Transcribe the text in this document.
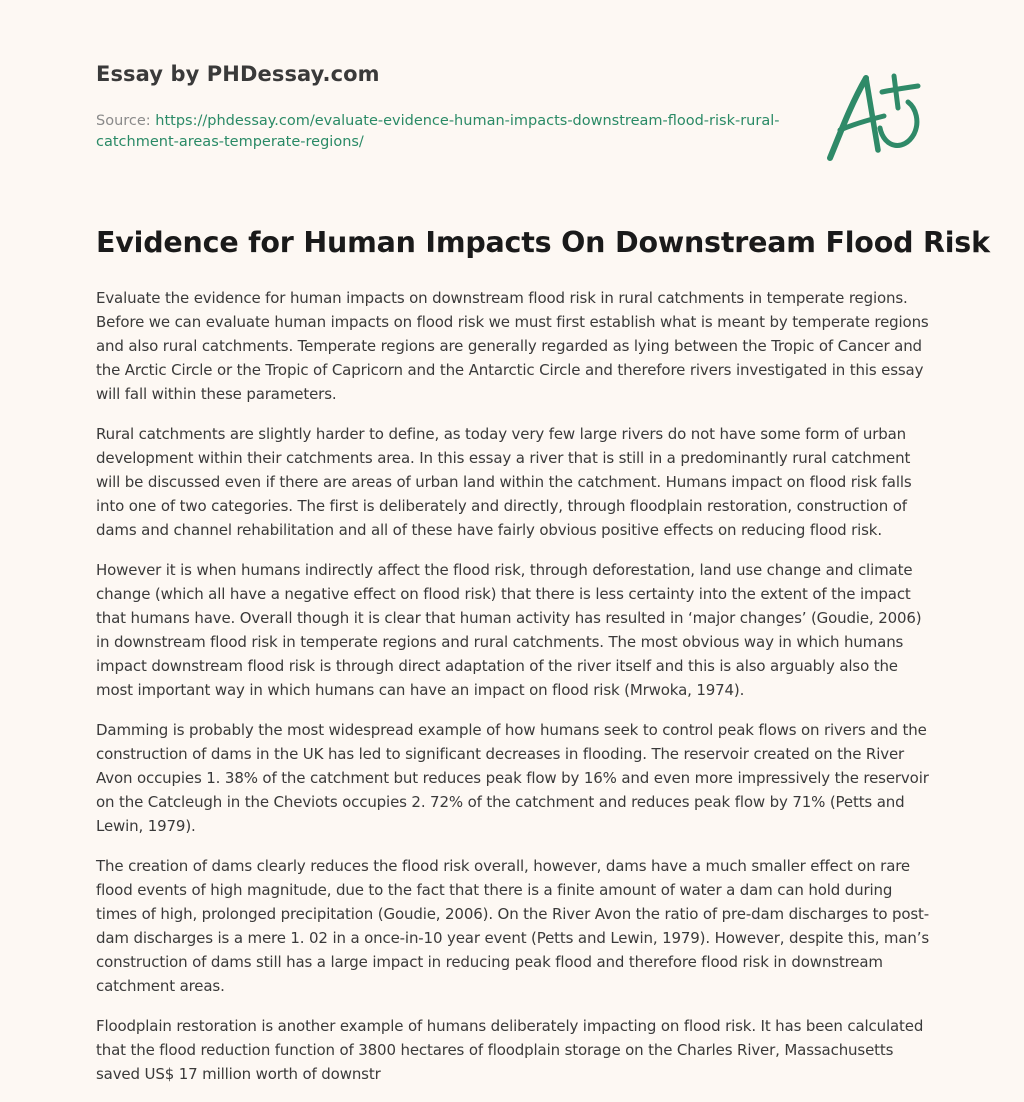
Essay by PHDessay.com
Source: https://phdessay.com/evaluate-evidence-human-impacts-downstream-flood-risk-rural-catchment-areas-temperate-regions/
Evidence for Human Impacts On Downstream Flood Risk

Evaluate the evidence for human impacts on downstream flood risk in rural catchments in temperate regions. Before we can evaluate human impacts on flood risk we must first establish what is meant by temperate regions and also rural catchments. Temperate regions are generally regarded as lying between the Tropic of Cancer and the Arctic Circle or the Tropic of Capricorn and the Antarctic Circle and therefore rivers investigated in this essay will fall within these parameters.

Rural catchments are slightly harder to define, as today very few large rivers do not have some form of urban development within their catchments area. In this essay a river that is still in a predominantly rural catchment will be discussed even if there are areas of urban land within the catchment. Humans impact on flood risk falls into one of two categories. The first is deliberately and directly, through floodplain restoration, construction of dams and channel rehabilitation and all of these have fairly obvious positive effects on reducing flood risk.

However it is when humans indirectly affect the flood risk, through deforestation, land use change and climate change (which all have a negative effect on flood risk) that there is less certainty into the extent of the impact that humans have. Overall though it is clear that human activity has resulted in ‘major changes’ (Goudie, 2006) in downstream flood risk in temperate regions and rural catchments. The most obvious way in which humans impact downstream flood risk is through direct adaptation of the river itself and this is also arguably also the most important way in which humans can have an impact on flood risk (Mrwoka, 1974).

Damming is probably the most widespread example of how humans seek to control peak flows on rivers and the construction of dams in the UK has led to significant decreases in flooding. The reservoir created on the River Avon occupies 1. 38% of the catchment but reduces peak flow by 16% and even more impressively the reservoir on the Catcleugh in the Cheviots occupies 2. 72% of the catchment and reduces peak flow by 71% (Petts and Lewin, 1979).

The creation of dams clearly reduces the flood risk overall, however, dams have a much smaller effect on rare flood events of high magnitude, due to the fact that there is a finite amount of water a dam can hold during times of high, prolonged precipitation (Goudie, 2006). On the River Avon the ratio of pre-dam discharges to post-dam discharges is a mere 1. 02 in a once-in-10 year event (Petts and Lewin, 1979). However, despite this, man’s construction of dams still has a large impact in reducing peak flood and therefore flood risk in downstream catchment areas.

Floodplain restoration is another example of humans deliberately impacting on flood risk. It has been calculated that the flood reduction function of 3800 hectares of floodplain storage on the Charles River, Massachusetts saved US$ 17 million worth of downstr
